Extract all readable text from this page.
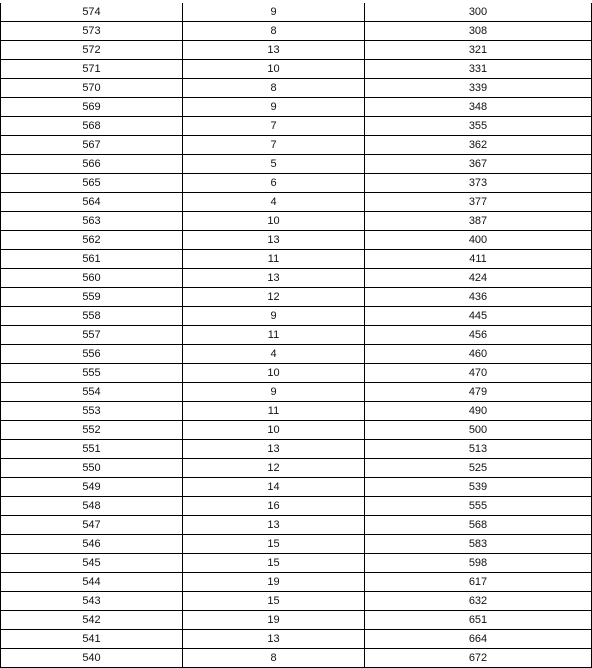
574	9	300
573	8	308
572	13	321
571	10	331
570	8	339
569	9	348
568	7	355
567	7	362
566	5	367
565	6	373
564	4	377
563	10	387
562	13	400
561	11	411
560	13	424
559	12	436
558	9	445
557	11	456
556	4	460
555	10	470
554	9	479
553	11	490
552	10	500
551	13	513
550	12	525
549	14	539
548	16	555
547	13	568
546	15	583
545	15	598
544	19	617
543	15	632
542	19	651
541	13	664
540	8	672
